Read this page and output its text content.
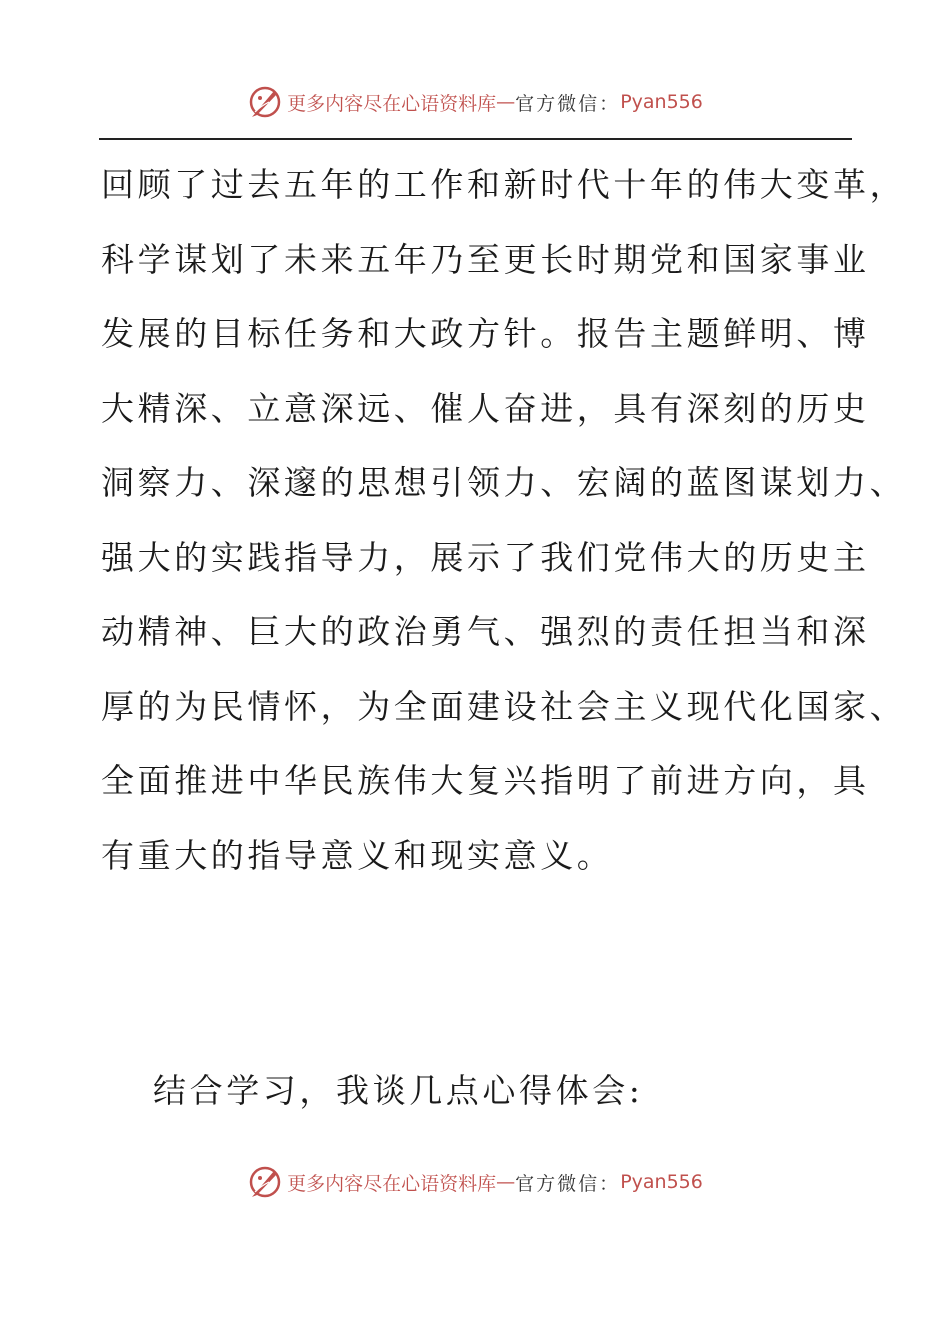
更多内容尽在心语资料库 — 官方微信： Pyan556
回顾了过去五年的工作和新时代十年的伟大变革，
科学谋划了未来五年乃至更长时期党和国家事业
发展的目标任务和大政方针。报告主题鲜明、博
大精深、立意深远、催人奋进，具有深刻的历史
洞察力、深邃的思想引领力、宏阔的蓝图谋划力、
强大的实践指导力，展示了我们党伟大的历史主
动精神、巨大的政治勇气、强烈的责任担当和深
厚的为民情怀，为全面建设社会主义现代化国家、
全面推进中华民族伟大复兴指明了前进方向，具
有重大的指导意义和现实意义。
结合学习，我谈几点心得体会:
更多内容尽在心语资料库 — 官方微信： Pyan556
